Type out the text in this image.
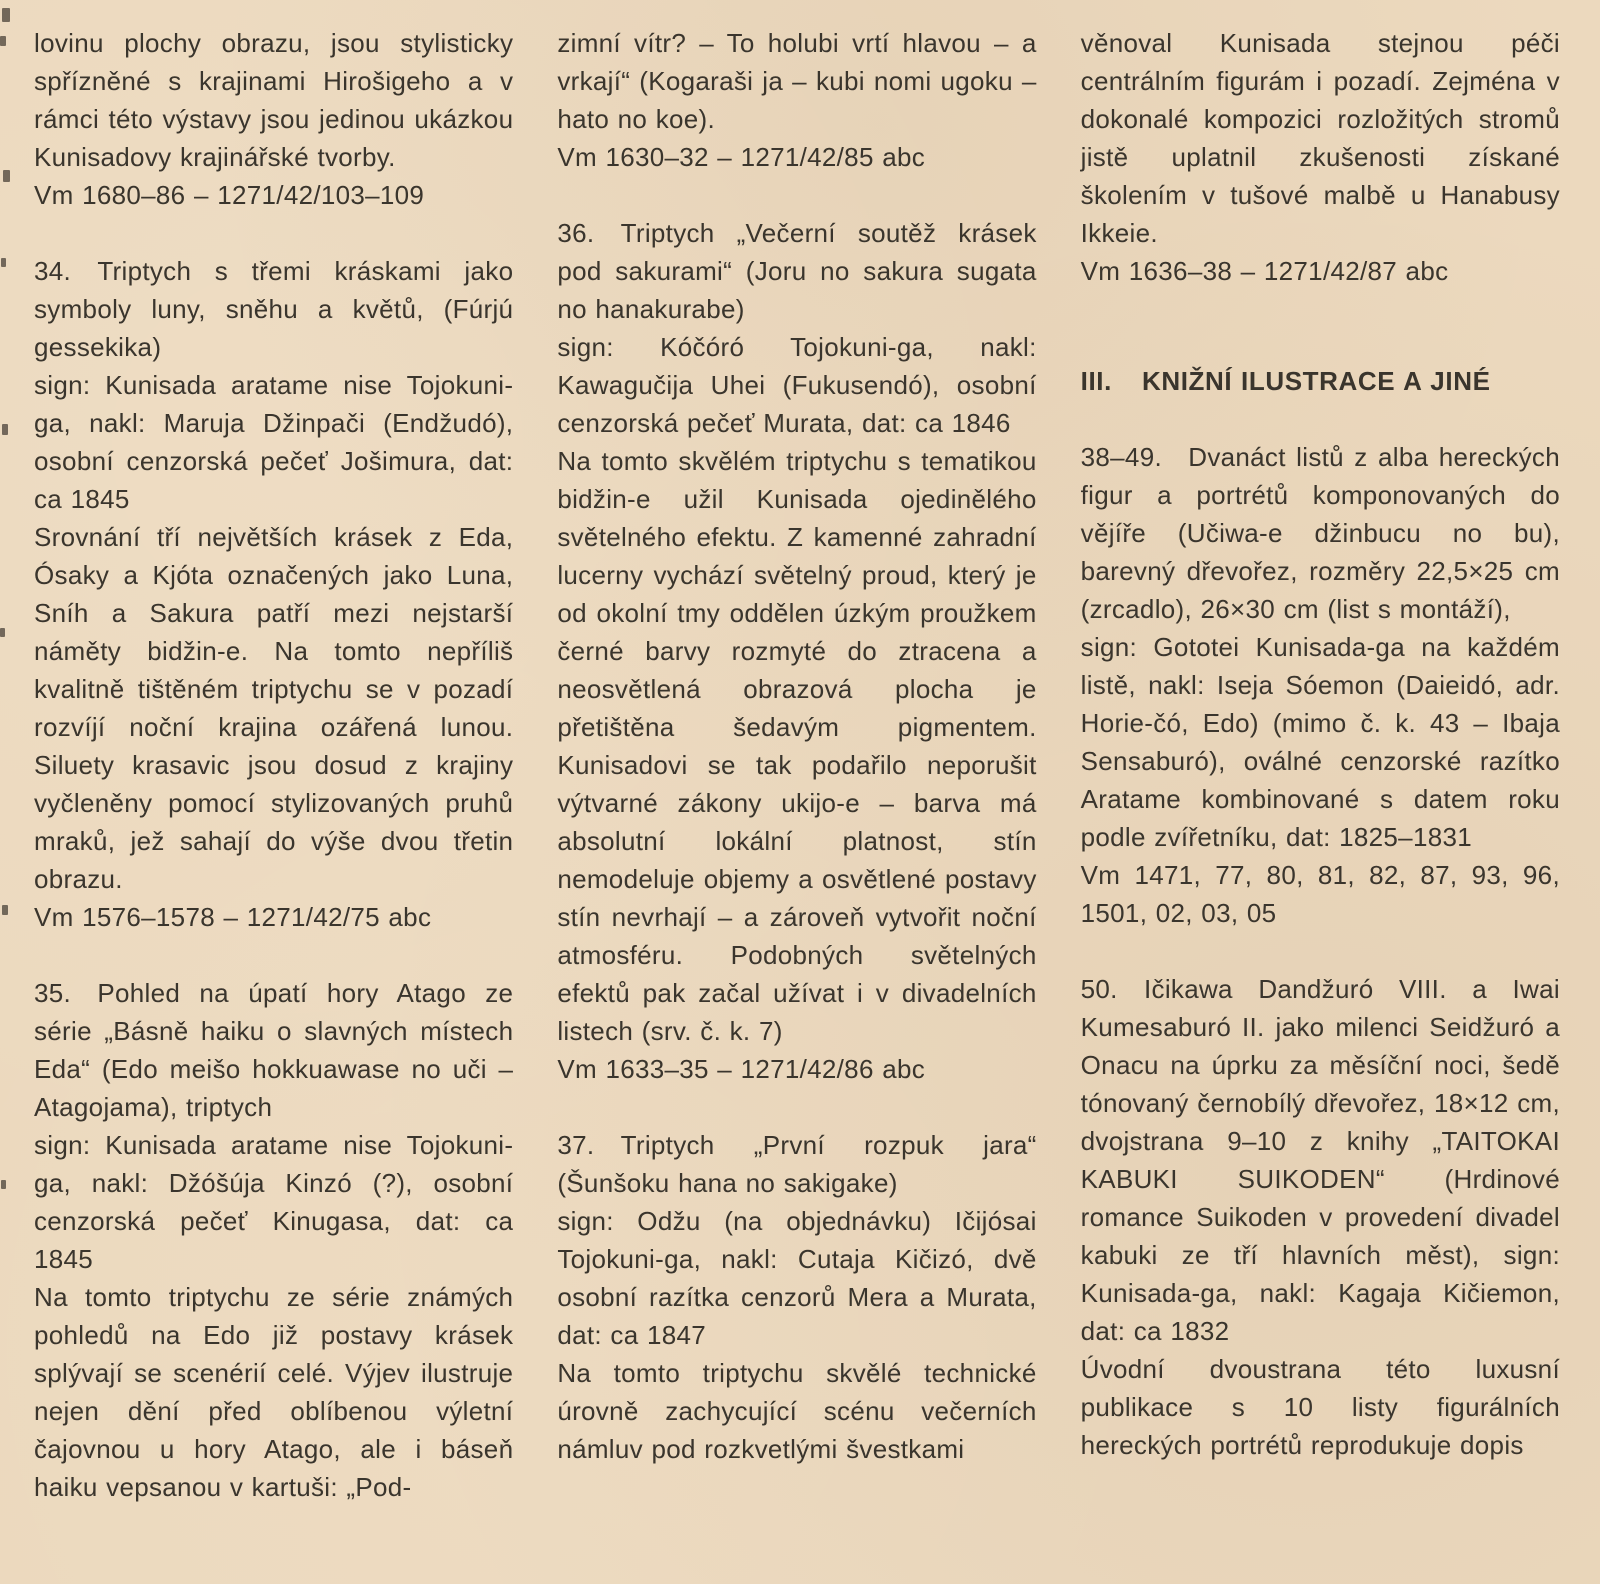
lovinu plochy obrazu, jsou stylisticky spřízněné s krajinami Hirošigeho a v rámci této výstavy jsou jedinou ukázkou Kunisadovy krajinářské tvorby.

Vm 1680–86 – 1271/42/103–109

34. Triptych s třemi kráskami jako symboly luny, sněhu a květů, (Fúrjú gessekika)

sign: Kunisada aratame nise Tojokuni-ga, nakl: Maruja Džinpači (Endžudó), osobní cenzorská pečeť Jošimura, dat: ca 1845

Srovnání tří největších krásek z Eda, Ósaky a Kjóta označených jako Luna, Sníh a Sakura patří mezi nejstarší náměty bidžin-e. Na tomto nepříliš kvalitně tištěném triptychu se v pozadí rozvíjí noční krajina ozářená lunou. Siluety krasavic jsou dosud z krajiny vyčleněny pomocí stylizovaných pruhů mraků, jež sahají do výše dvou třetin obrazu.

Vm 1576–1578 – 1271/42/75 abc

35. Pohled na úpatí hory Atago ze série „Básně haiku o slavných místech Eda“ (Edo meišo hokkuawase no uči – Atagojama), triptych

sign: Kunisada aratame nise Tojokuni-ga, nakl: Džóšúja Kinzó (?), osobní cenzorská pečeť Kinugasa, dat: ca 1845

Na tomto triptychu ze série známých pohledů na Edo již postavy krásek splývají se scenérií celé. Výjev ilustruje nejen dění před oblíbenou výletní čajovnou u hory Atago, ale i báseň haiku vepsanou v kartuši: „Pod-

zimní vítr? – To holubi vrtí hlavou – a vrkají“ (Kogaraši ja – kubi nomi ugoku – hato no koe).

Vm 1630–32 – 1271/42/85 abc

36. Triptych „Večerní soutěž krásek pod sakurami“ (Joru no sakura sugata no hanakurabe)

sign: Kóčóró Tojokuni-ga, nakl: Kawagučija Uhei (Fukusendó), osobní cenzorská pečeť Murata, dat: ca 1846

Na tomto skvělém triptychu s tematikou bidžin-e užil Kunisada ojedinělého světelného efektu. Z kamenné zahradní lucerny vychází světelný proud, který je od okolní tmy oddělen úzkým proužkem černé barvy rozmyté do ztracena a neosvětlená obrazová plocha je přetištěna šedavým pigmentem. Kunisadovi se tak podařilo neporušit výtvarné zákony ukijo-e – barva má absolutní lokální platnost, stín nemodeluje objemy a osvětlené postavy stín nevrhají – a zároveň vytvořit noční atmosféru. Podobných světelných efektů pak začal užívat i v divadelních listech (srv. č. k. 7)

Vm 1633–35 – 1271/42/86 abc

37. Triptych „První rozpuk jara“ (Šunšoku hana no sakigake)

sign: Odžu (na objednávku) Ičijósai Tojokuni-ga, nakl: Cutaja Kičizó, dvě osobní razítka cenzorů Mera a Murata, dat: ca 1847

Na tomto triptychu skvělé technické úrovně zachycující scénu večerních námluv pod rozkvetlými švestkami

věnoval Kunisada stejnou péči centrálním figurám i pozadí. Zejména v dokonalé kompozici rozložitých stromů jistě uplatnil zkušenosti získané školením v tušové malbě u Hanabusy Ikkeie.

Vm 1636–38 – 1271/42/87 abc

III. KNIŽNÍ ILUSTRACE A JINÉ

38–49. Dvanáct listů z alba hereckých figur a portrétů komponovaných do vějíře (Učiwa-e džinbucu no bu), barevný dřevořez, rozměry 22,5×25 cm (zrcadlo), 26×30 cm (list s montáží),

sign: Gototei Kunisada-ga na každém listě, nakl: Iseja Sóemon (Daieidó, adr. Horie-čó, Edo) (mimo č. k. 43 – Ibaja Sensaburó), oválné cenzorské razítko Aratame kombinované s datem roku podle zvířetníku, dat: 1825–1831

Vm 1471, 77, 80, 81, 82, 87, 93, 96, 1501, 02, 03, 05

50. Ičikawa Dandžuró VIII. a Iwai Kumesaburó II. jako milenci Seidžuró a Onacu na úprku za měsíční noci, šedě tónovaný černobílý dřevořez, 18×12 cm, dvojstrana 9–10 z knihy „TAITOKAI KABUKI SUIKODEN“ (Hrdinové romance Suikoden v provedení divadel kabuki ze tří hlavních měst), sign: Kunisada-ga, nakl: Kagaja Kičiemon, dat: ca 1832

Úvodní dvoustrana této luxusní publikace s 10 listy figurálních hereckých portrétů reprodukuje dopis
